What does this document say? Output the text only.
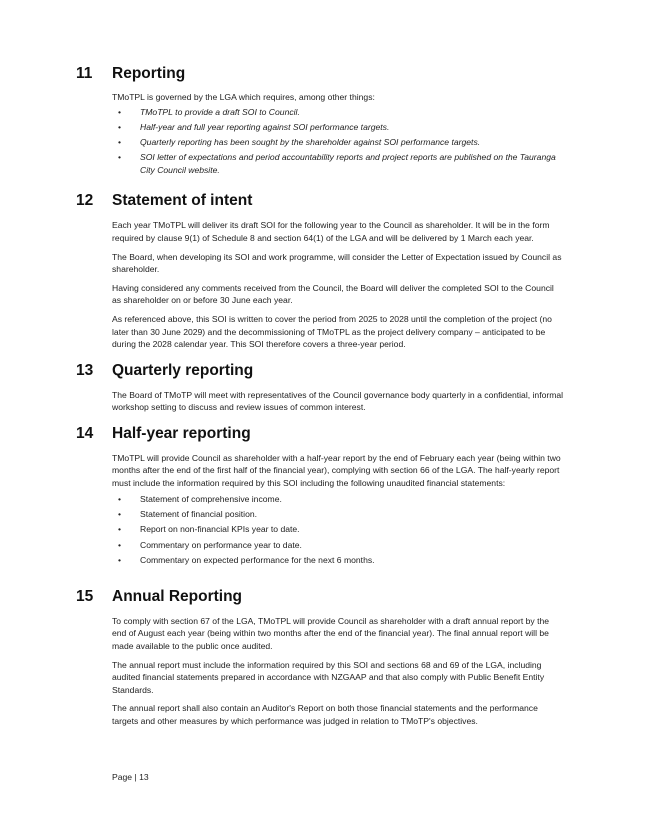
11 Reporting

TMoTPL is governed by the LGA which requires, among other things:

• TMoTPL to provide a draft SOI to Council.
• Half-year and full year reporting against SOI performance targets.
• Quarterly reporting has been sought by the shareholder against SOI performance targets.
• SOI letter of expectations and period accountability reports and project reports are published on the Tauranga City Council website.
12 Statement of intent

Each year TMoTPL will deliver its draft SOI for the following year to the Council as shareholder. It will be in the form required by clause 9(1) of Schedule 8 and section 64(1) of the LGA and will be delivered by 1 March each year.

The Board, when developing its SOI and work programme, will consider the Letter of Expectation issued by Council as shareholder.

Having considered any comments received from the Council, the Board will deliver the completed SOI to the Council as shareholder on or before 30 June each year.

As referenced above, this SOI is written to cover the period from 2025 to 2028 until the completion of the project (no later than 30 June 2029) and the decommissioning of TMoTPL as the project delivery company – anticipated to be during the 2028 calendar year. This SOI therefore covers a three-year period.

13 Quarterly reporting

The Board of TMoTP will meet with representatives of the Council governance body quarterly in a confidential, informal workshop setting to discuss and review issues of common interest.

14 Half-year reporting

TMoTPL will provide Council as shareholder with a half-year report by the end of February each year (being within two months after the end of the first half of the financial year), complying with section 66 of the LGA. The half-yearly report must include the information required by this SOI including the following unaudited financial statements:

• Statement of comprehensive income.
• Statement of financial position.
• Report on non-financial KPIs year to date.
• Commentary on performance year to date.
• Commentary on expected performance for the next 6 months.
15 Annual Reporting

To comply with section 67 of the LGA, TMoTPL will provide Council as shareholder with a draft annual report by the end of August each year (being within two months after the end of the financial year). The final annual report will be made available to the public once audited.

The annual report must include the information required by this SOI and sections 68 and 69 of the LGA, including audited financial statements prepared in accordance with NZGAAP and that also comply with Public Benefit Entity Standards.

The annual report shall also contain an Auditor's Report on both those financial statements and the performance targets and other measures by which performance was judged in relation to TMoTP's objectives.

Page | 13
